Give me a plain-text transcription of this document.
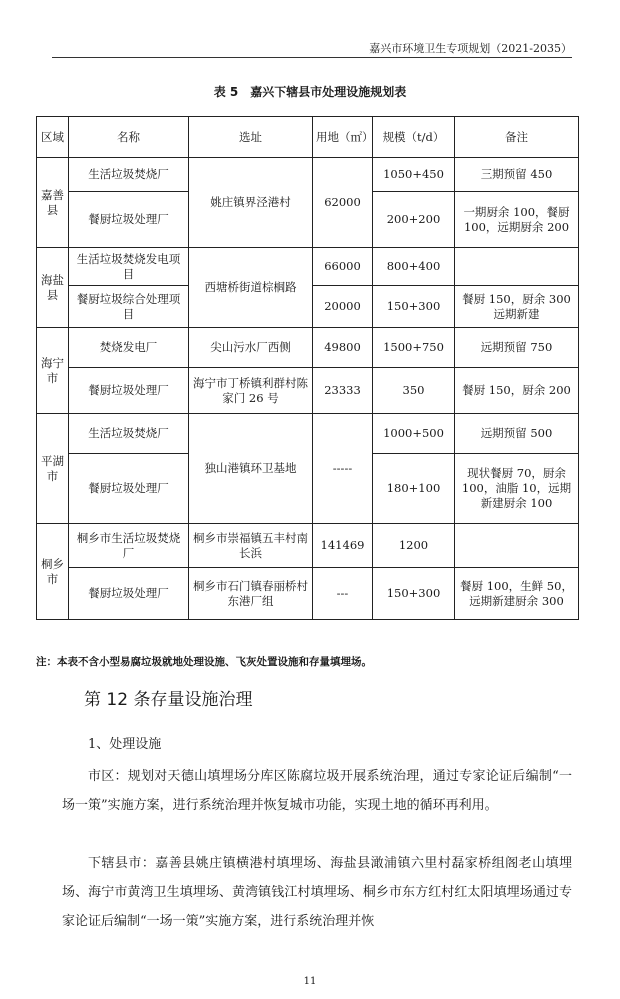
嘉兴市环境卫生专项规划（2021-2035）
表 5　嘉兴下辖县市处理设施规划表
区域	名称	选址	用地（㎡）	规模（t/d）	备注
嘉善县	生活垃圾焚烧厂	姚庄镇界泾港村	62000	1050+450	三期预留 450
	餐厨垃圾处理厂			200+200	一期厨余 100，餐厨 100，远期厨余 200
海盐县	生活垃圾焚烧发电项目	西塘桥街道棕榈路	66000	800+400	
	餐厨垃圾综合处理项目		20000	150+300	餐厨 150，厨余 300 远期新建
海宁市	焚烧发电厂	尖山污水厂西侧	49800	1500+750	远期预留 750
	餐厨垃圾处理厂	海宁市丁桥镇利群村陈家门 26 号	23333	350	餐厨 150，厨余 200
平湖市	生活垃圾焚烧厂	独山港镇环卫基地	-----	1000+500	远期预留 500
	餐厨垃圾处理厂			180+100	现状餐厨 70，厨余 100，油脂 10，远期新建厨余 100
桐乡市	桐乡市生活垃圾焚烧厂	桐乡市崇福镇五丰村南长浜	141469	1200	
	餐厨垃圾处理厂	桐乡市石门镇春丽桥村东港厂组	---	150+300	餐厨 100，生鲜 50，远期新建厨余 300
注：本表不含小型易腐垃圾就地处理设施、飞灰处置设施和存量填埋场。
第 12 条存量设施治理
1、处理设施
市区：规划对天德山填埋场分库区陈腐垃圾开展系统治理，通过专家论证后编制“一场一策”实施方案，进行系统治理并恢复城市功能，实现土地的循环再利用。
下辖县市：嘉善县姚庄镇横港村填埋场、海盐县澉浦镇六里村磊家桥组阁老山填埋场、海宁市黄湾卫生填埋场、黄湾镇钱江村填埋场、桐乡市东方红村红太阳填埋场通过专家论证后编制“一场一策”实施方案，进行系统治理并恢
11
